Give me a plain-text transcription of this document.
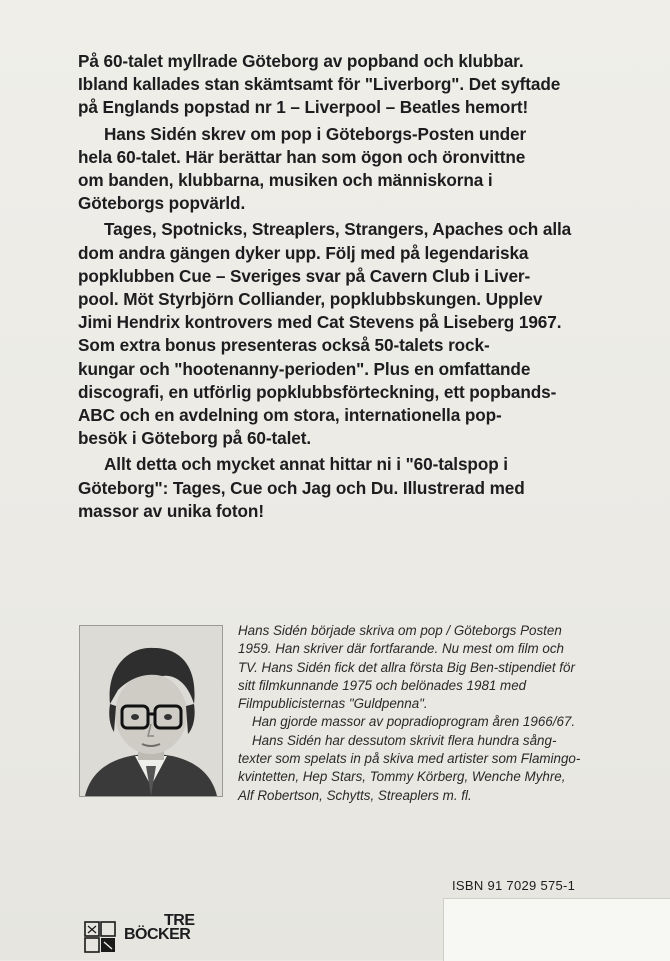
På 60-talet myllrade Göteborg av popband och klubbar.
Ibland kallades stan skämtsamt för "Liverborg". Det syftade
på Englands popstad nr 1 – Liverpool – Beatles hemort!

Hans Sidén skrev om pop i Göteborgs-Posten under
hela 60-talet. Här berättar han som ögon och öronvittne
om banden, klubbarna, musiken och människorna i
Göteborgs popvärld.

Tages, Spotnicks, Streaplers, Strangers, Apaches och alla
dom andra gängen dyker upp. Följ med på legendariska
popklubben Cue – Sveriges svar på Cavern Club i Liver-
pool. Möt Styrbjörn Colliander, popklubbskungen. Upplev
Jimi Hendrix kontrovers med Cat Stevens på Liseberg 1967.
Som extra bonus presenteras också 50-talets rock-
kungar och "hootenanny-perioden". Plus en omfattande
discografi, en utförlig popklubbsförteckning, ett popbands-
ABC och en avdelning om stora, internationella pop-
besök i Göteborg på 60-talet.

Allt detta och mycket annat hittar ni i "60-talspop i
Göteborg": Tages, Cue och Jag och Du. Illustrerad med
massor av unika foton!

Hans Sidén började skriva om pop / Göteborgs Posten
1959. Han skriver där fortfarande. Nu mest om film och
TV. Hans Sidén fick det allra första Big Ben-stipendiet för
sitt filmkunnande 1975 och belönades 1981 med
Filmpublicisternas "Guldpenna".

Han gjorde massor av popradioprogram åren 1966/67.

Hans Sidén har dessutom skrivit flera hundra sång-
texter som spelats in på skiva med artister som Flamingo-
kvintetten, Hep Stars, Tommy Körberg, Wenche Myhre,
Alf Robertson, Schytts, Streaplers m. fl.

ISBN 91 7029 575-1
TRE
BÖCKER
